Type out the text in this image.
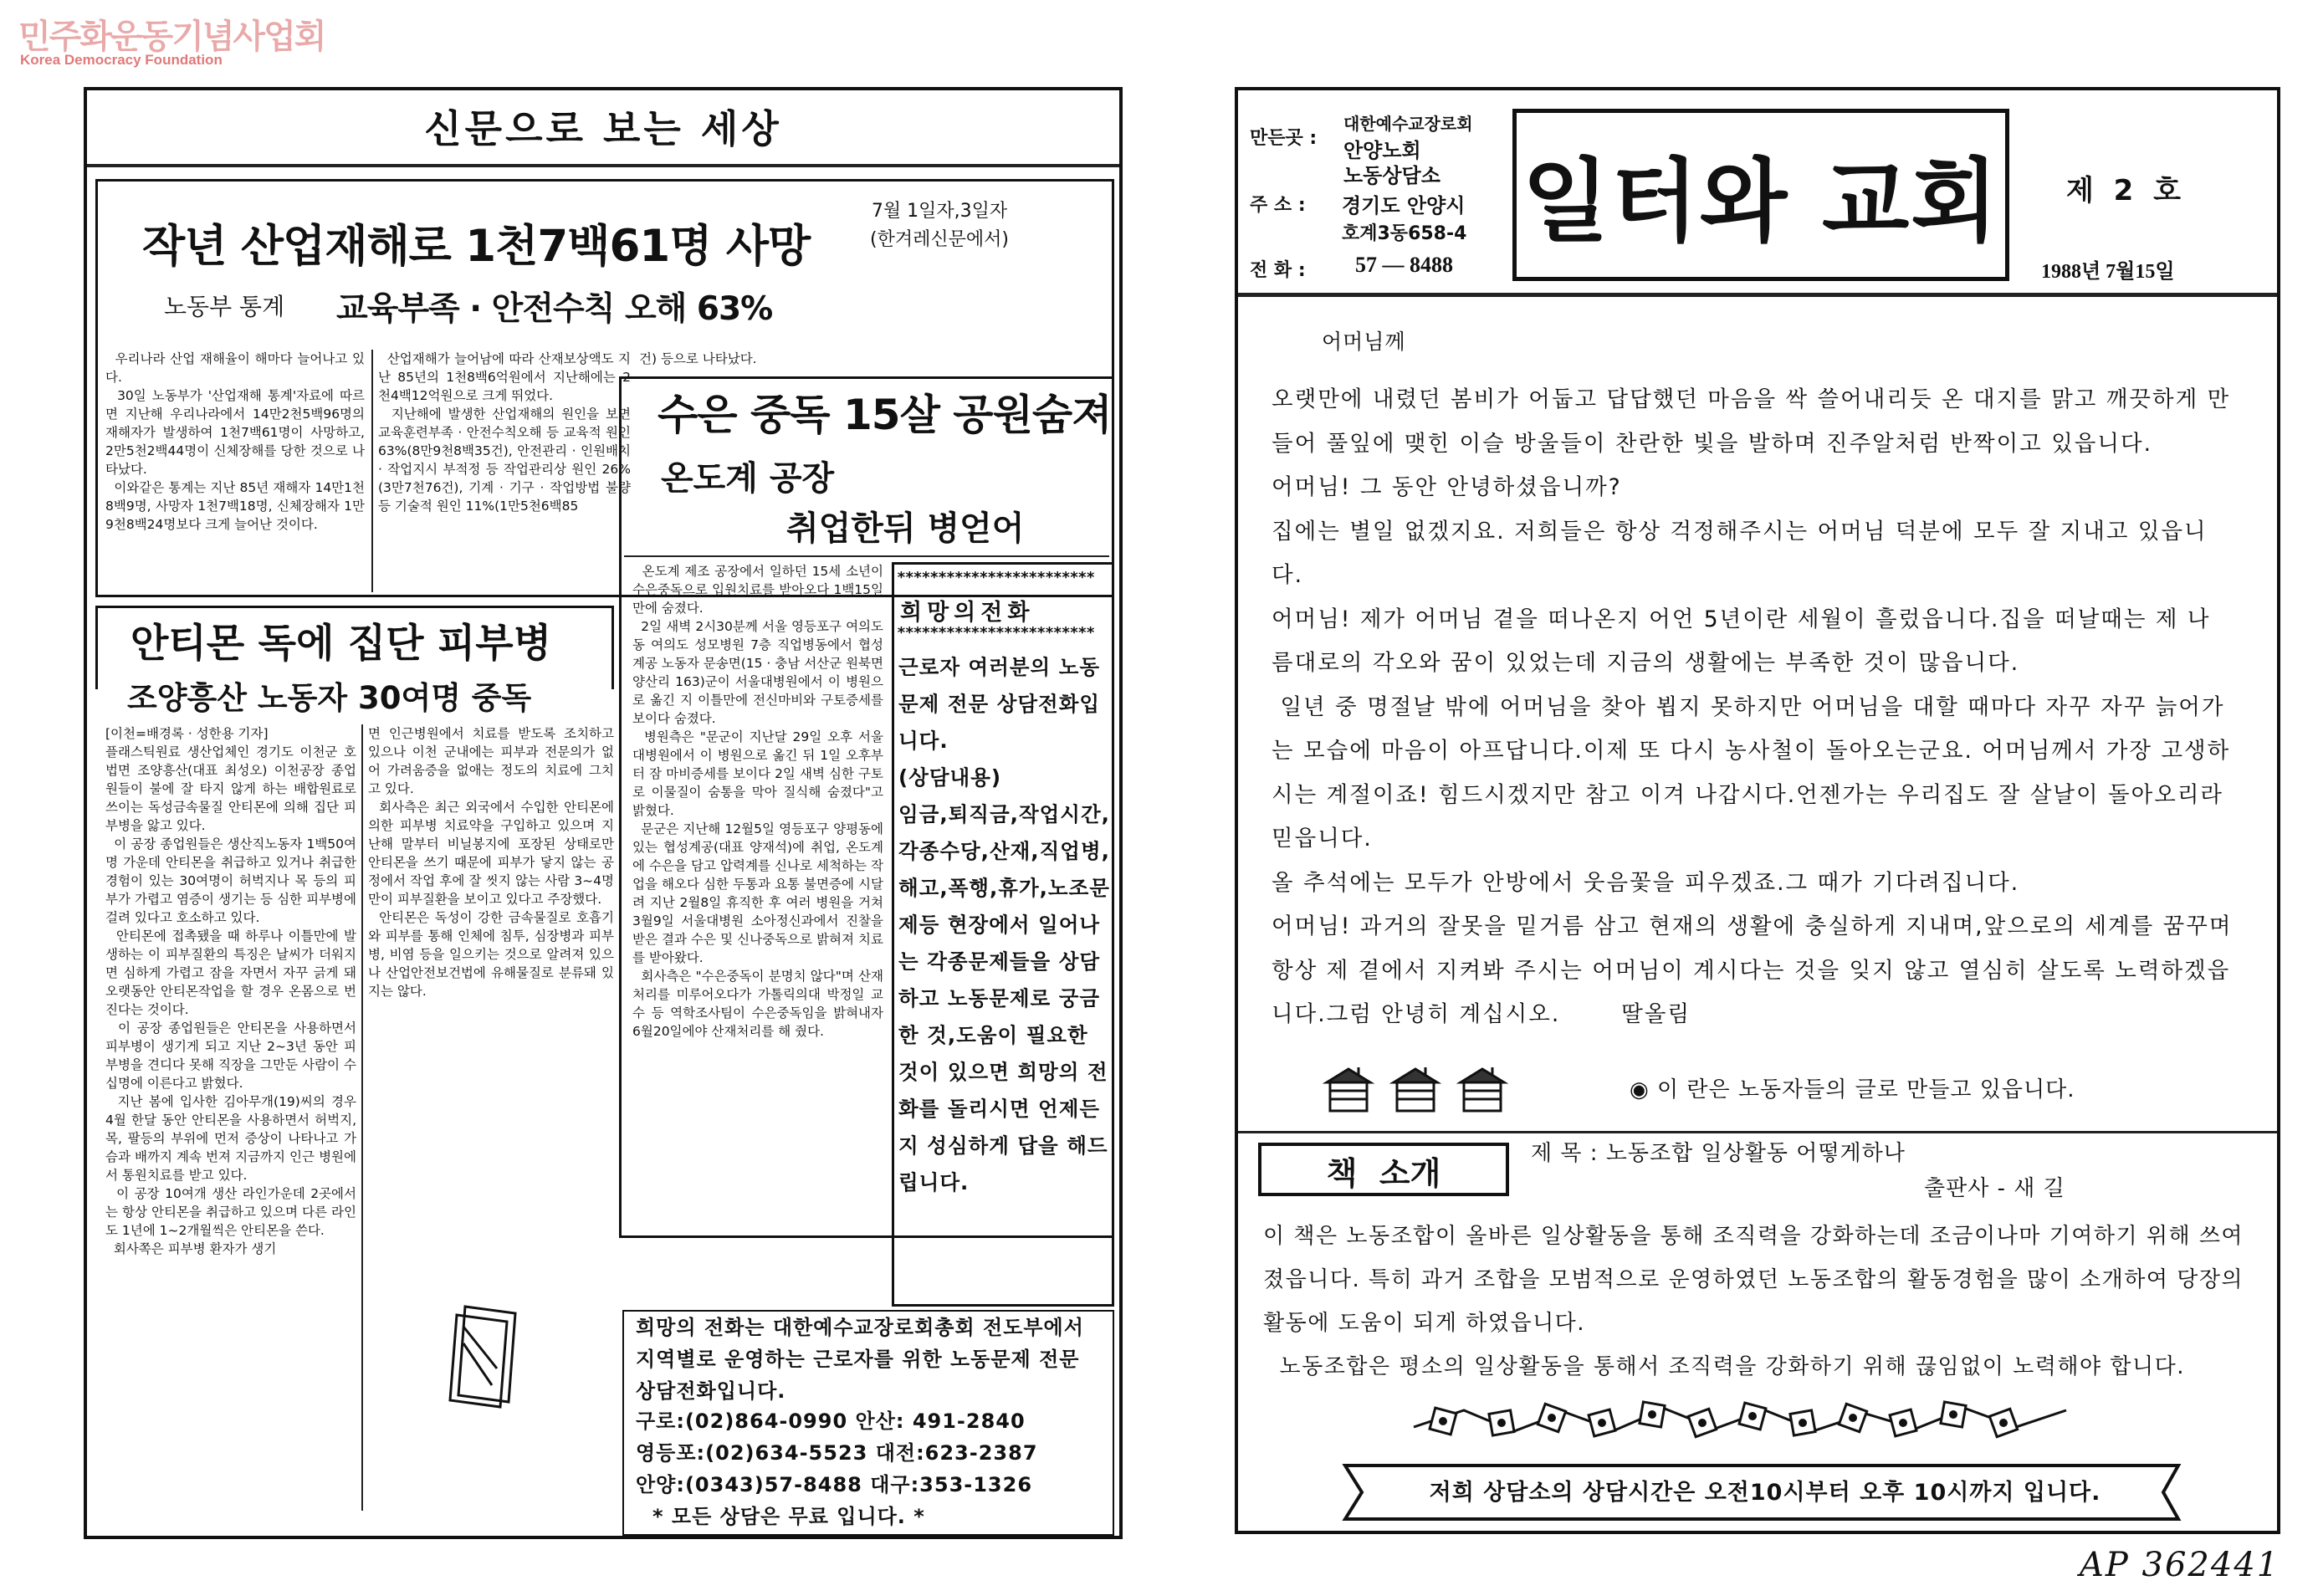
민주화운동기념사업회
Korea Democracy Foundation
신문으로 보는 세상
작년 산업재해로 1천7백61명 사망
7월 1일자,3일자
(한겨레신문에서)
노동부 통계 교육부족 · 안전수칙 오해 63%
우리나라 산업 재해율이 해마다 늘어나고 있다.
30일 노동부가 '산업재해 통계'자료에 따르면 지난해 우리나라에서 14만2천5백96명의 재해자가 발생하여 1천7백61명이 사망하고, 2만5천2백44명이 신체장해를 당한 것으로 나타났다.
이와같은 통계는 지난 85년 재해자 14만1천8백9명, 사망자 1천7백18명, 신체장해자 1만9천8백24명보다 크게 늘어난 것이다.
산업재해가 늘어남에 따라 산재보상액도 지난 85년의 1천8백6억원에서 지난해에는 2천4백12억원으로 크게 뛰었다.
지난해에 발생한 산업재해의 원인을 보면 교육훈련부족 · 안전수칙오해 등 교육적 원인 63%(8만9천8백35건), 안전관리 · 인원배치 · 작업지시 부적정 등 작업관리상 원인 26%(3만7천76건), 기계 · 기구 · 작업방법 불량 등 기술적 원인 11%(1만5천6백85
건) 등으로 나타났다.
수은 중독 15살 공원숨져
온도계 공장
취업한뒤 병얻어
온도계 제조 공장에서 일하던 15세 소년이 수은중독으로 입원치료를 받아오다 1백15일만에 숨졌다.
2일 새벽 2시30분께 서울 영등포구 여의도동 여의도 성모병원 7층 직업병동에서 협성계공 노동자 문송면(15 · 충남 서산군 원북면 양산리 163)군이 서울대병원에서 이 병원으로 옮긴 지 이틀만에 전신마비와 구토증세를 보이다 숨졌다.
병원측은 "문군이 지난달 29일 오후 서울대병원에서 이 병원으로 옮긴 뒤 1일 오후부터 잠 마비증세를 보이다 2일 새벽 심한 구토로 이물질이 숨통을 막아 질식해 숨졌다"고 밝혔다.
문군은 지난해 12월5일 영등포구 양평동에 있는 협성계공(대표 양재석)에 취업, 온도계에 수은을 담고 압력계를 신나로 세척하는 작업을 해오다 심한 두통과 요통 불면증에 시달려 지난 2월8일 휴직한 후 여러 병원을 거쳐 3월9일 서울대병원 소아정신과에서 진찰을 받은 결과 수은 및 신나중독으로 밝혀져 치료를 받아왔다.
회사측은 "수은중독이 분명치 않다"며 산재처리를 미루어오다가 가톨릭의대 박정일 교수 등 역학조사팀이 수은중독임을 밝혀내자 6월20일에야 산재처리를 해 줬다.
************************
희망의전화
************************
근로자 여러분의 노동문제 전문 상담전화입니다.
(상담내용)
임금,퇴직금,작업시간,각종수당,산재,직업병,해고,폭행,휴가,노조문제등 현장에서 일어나는 각종문제들을 상담하고 노동문제로 궁금한 것,도움이 필요한 것이 있으면 희망의 전화를 돌리시면 언제든지 성심하게 답을 해드립니다.
안티몬 독에 집단 피부병
조양흥산 노동자 30여명 중독
[이천=배경록 · 성한용 기자]
플래스틱원료 생산업체인 경기도 이천군 호법면 조양흥산(대표 최성오) 이천공장 종업원들이 불에 잘 타지 않게 하는 배합원료로 쓰이는 독성금속물질 안티몬에 의해 집단 피부병을 앓고 있다.
이 공장 종업원들은 생산직노동자 1백50여명 가운데 안티몬을 취급하고 있거나 취급한 경험이 있는 30여명이 허벅지나 목 등의 피부가 가렵고 염증이 생기는 등 심한 피부병에 걸려 있다고 호소하고 있다.
안티몬에 접촉됐을 때 하루나 이틀만에 발생하는 이 피부질환의 특징은 날씨가 더워지면 심하게 가렵고 잠을 자면서 자꾸 긁게 돼 오랫동안 안티몬작업을 할 경우 온몸으로 번진다는 것이다.
이 공장 종업원들은 안티몬을 사용하면서 피부병이 생기게 되고 지난 2~3년 동안 피부병을 견디다 못해 직장을 그만둔 사람이 수십명에 이른다고 밝혔다.
지난 봄에 입사한 김아무개(19)씨의 경우 4월 한달 동안 안티몬을 사용하면서 허벅지, 목, 팔등의 부위에 먼저 증상이 나타나고 가슴과 배까지 계속 번져 지금까지 인근 병원에서 통원치료를 받고 있다.
이 공장 10여개 생산 라인가운데 2곳에서는 항상 안티몬을 취급하고 있으며 다른 라인도 1년에 1~2개월씩은 안티몬을 쓴다.
회사쪽은 피부병 환자가 생기
면 인근병원에서 치료를 받도록 조치하고 있으나 이천 군내에는 피부과 전문의가 없어 가려움증을 없애는 정도의 치료에 그치고 있다.
회사측은 최근 외국에서 수입한 안티몬에 의한 피부병 치료약을 구입하고 있으며 지난해 말부터 비닐봉지에 포장된 상태로만 안티몬을 쓰기 때문에 피부가 닿지 않는 공정에서 작업 후에 잘 씻지 않는 사람 3~4명만이 피부질환을 보이고 있다고 주장했다.
안티몬은 독성이 강한 금속물질로 호흡기와 피부를 통해 인체에 침투, 심장병과 피부병, 비염 등을 일으키는 것으로 알려져 있으나 산업안전보건법에 유해물질로 분류돼 있지는 않다.
희망의 전화는 대한예수교장로회총회 전도부에서 지역별로 운영하는 근로자를 위한 노동문제 전문 상담전화입니다.
구로:(02)864-0990 안산: 491-2840
영등포:(02)634-5523 대전:623-2387
안양:(0343)57-8488 대구:353-1326
* 모든 상담은 무료 입니다. *
만든곳 :
대한예수교장로회
안양노회
노동상담소
주 소 : 경기도 안양시
호계3동658-4
전 화 : 57 — 8488
일터와 교회 제 2 호
1988년 7월15일
어머님께
오랫만에 내렸던 봄비가 어둡고 답답했던 마음을 싹 쓸어내리듯 온 대지를 맑고 깨끗하게 만들어 풀잎에 맺힌 이슬 방울들이 찬란한 빛을 발하며 진주알처럼 반짝이고 있읍니다.
어머님! 그 동안 안녕하셨읍니까?
집에는 별일 없겠지요. 저희들은 항상 걱정해주시는 어머님 덕분에 모두 잘 지내고 있읍니다.
어머님! 제가 어머님 곁을 떠나온지 어언 5년이란 세월이 흘렀읍니다.집을 떠날때는 제 나름대로의 각오와 꿈이 있었는데 지금의 생활에는 부족한 것이 많읍니다.
일년 중 명절날 밖에 어머님을 찾아 뵙지 못하지만 어머님을 대할 때마다 자꾸 자꾸 늙어가는 모습에 마음이 아프답니다.이제 또 다시 농사철이 돌아오는군요. 어머님께서 가장 고생하시는 계절이죠! 힘드시겠지만 참고 이겨 나갑시다.언젠가는 우리집도 잘 살날이 돌아오리라 믿읍니다.
올 추석에는 모두가 안방에서 웃음꽃을 피우겠죠.그 때가 기다려집니다.
어머님! 과거의 잘못을 밑거름 삼고 현재의 생활에 충실하게 지내며,앞으로의 세계를 꿈꾸며 항상 제 곁에서 지켜봐 주시는 어머님이 계시다는 것을 잊지 않고 열심히 살도록 노력하겠읍니다.그럼 안녕히 계십시오.       딸올림
◉ 이 란은 노동자들의 글로 만들고 있읍니다.
책  소개
제 목 : 노동조합 일상활동 어떻게하나
출판사 - 새 길
이 책은 노동조합이 올바른 일상활동을 통해 조직력을 강화하는데 조금이나마 기여하기 위해 쓰여졌읍니다. 특히 과거 조합을 모범적으로 운영하였던 노동조합의 활동경험을 많이 소개하여 당장의 활동에 도움이 되게 하였읍니다.
노동조합은 평소의 일상활동을 통해서 조직력을 강화하기 위해 끊임없이 노력해야 합니다.
저희 상담소의 상담시간은 오전10시부터 오후 10시까지 입니다.
AP 362441
